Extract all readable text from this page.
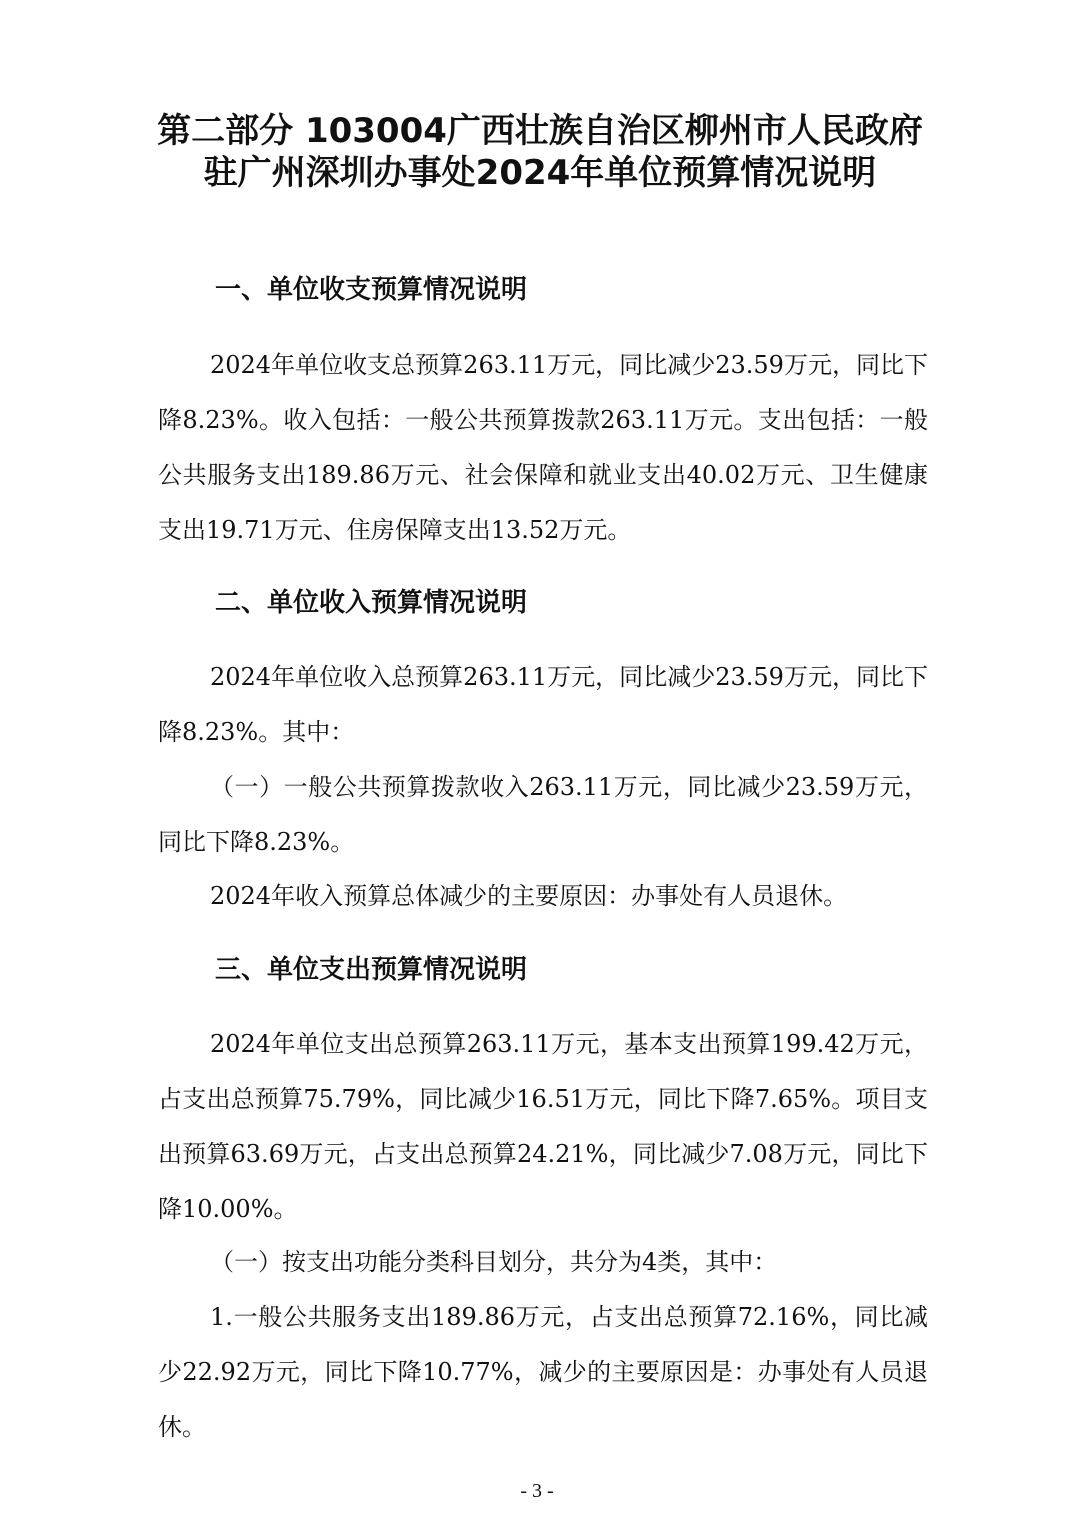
第二部分 103004广西壮族自治区柳州市人民政府驻广州深圳办事处2024年单位预算情况说明
一、单位收支预算情况说明

2024年单位收支总预算263.11万元，同比减少23.59万元，同比下降8.23%。收入包括：一般公共预算拨款263.11万元。支出包括：一般公共服务支出189.86万元、社会保障和就业支出40.02万元、卫生健康支出19.71万元、住房保障支出13.52万元。

二、单位收入预算情况说明

2024年单位收入总预算263.11万元，同比减少23.59万元，同比下降8.23%。其中：

（一）一般公共预算拨款收入263.11万元，同比减少23.59万元，同比下降8.23%。

2024年收入预算总体减少的主要原因：办事处有人员退休。

三、单位支出预算情况说明

2024年单位支出总预算263.11万元，基本支出预算199.42万元，占支出总预算75.79%，同比减少16.51万元，同比下降7.65%。项目支出预算63.69万元，占支出总预算24.21%，同比减少7.08万元，同比下降10.00%。

（一）按支出功能分类科目划分，共分为4类，其中：

1.一般公共服务支出189.86万元，占支出总预算72.16%，同比减少22.92万元，同比下降10.77%，减少的主要原因是：办事处有人员退休。

- 3 -
